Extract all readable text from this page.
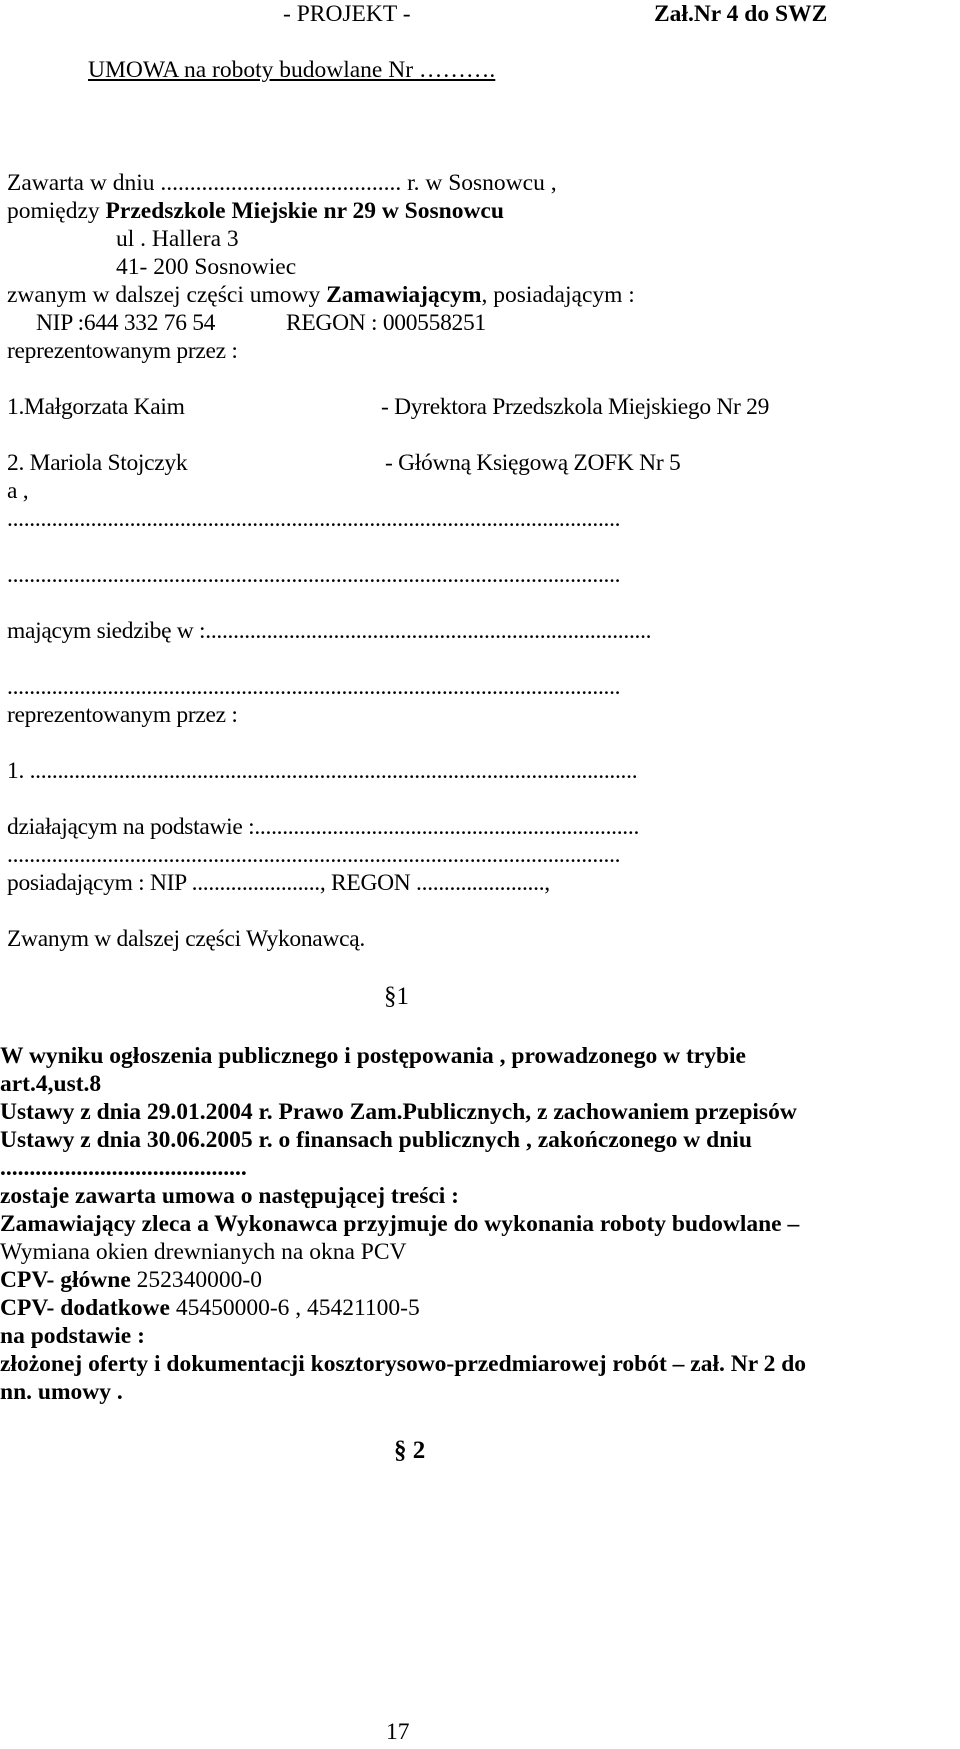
- PROJEKT -	Zał.Nr 4 do SWZ
UMOWA na roboty budowlane Nr ……….
Zawarta w dniu ......................................... r. w Sosnowcu ,
pomiędzy Przedszkole Miejskie nr 29 w Sosnowcu
ul . Hallera 3
41- 200 Sosnowiec
zwanym w dalszej części umowy Zamawiającym, posiadającym :
NIP :644 332 76 54	REGON : 000558251
reprezentowanym przez :
1.Małgorzata Kaim	- Dyrektora Przedszkola Miejskiego Nr 29
2. Mariola Stojczyk	- Główną Księgową ZOFK Nr 5
a ,
..............................................................................................................
..............................................................................................................
mającym siedzibę w :................................................................................
..............................................................................................................
reprezentowanym przez :
1. .............................................................................................................
działającym na podstawie :.....................................................................
..............................................................................................................
posiadającym : NIP ......................., REGON .......................,
Zwanym w dalszej części Wykonawcą.
§1
W wyniku ogłoszenia publicznego i postępowania , prowadzonego w trybie
art.4,ust.8
Ustawy z dnia 29.01.2004 r. Prawo Zam.Publicznych, z zachowaniem przepisów
Ustawy z dnia 30.06.2005 r. o finansach publicznych , zakończonego w dniu
..........................................
zostaje zawarta umowa o następującej treści :
Zamawiający zleca a Wykonawca przyjmuje do wykonania roboty budowlane –
Wymiana okien drewnianych na okna PCV
CPV- główne 252340000-0
CPV- dodatkowe 45450000-6 , 45421100-5
na podstawie :
złożonej oferty i dokumentacji kosztorysowo-przedmiarowej robót – zał. Nr 2 do
nn. umowy .
§ 2
17
